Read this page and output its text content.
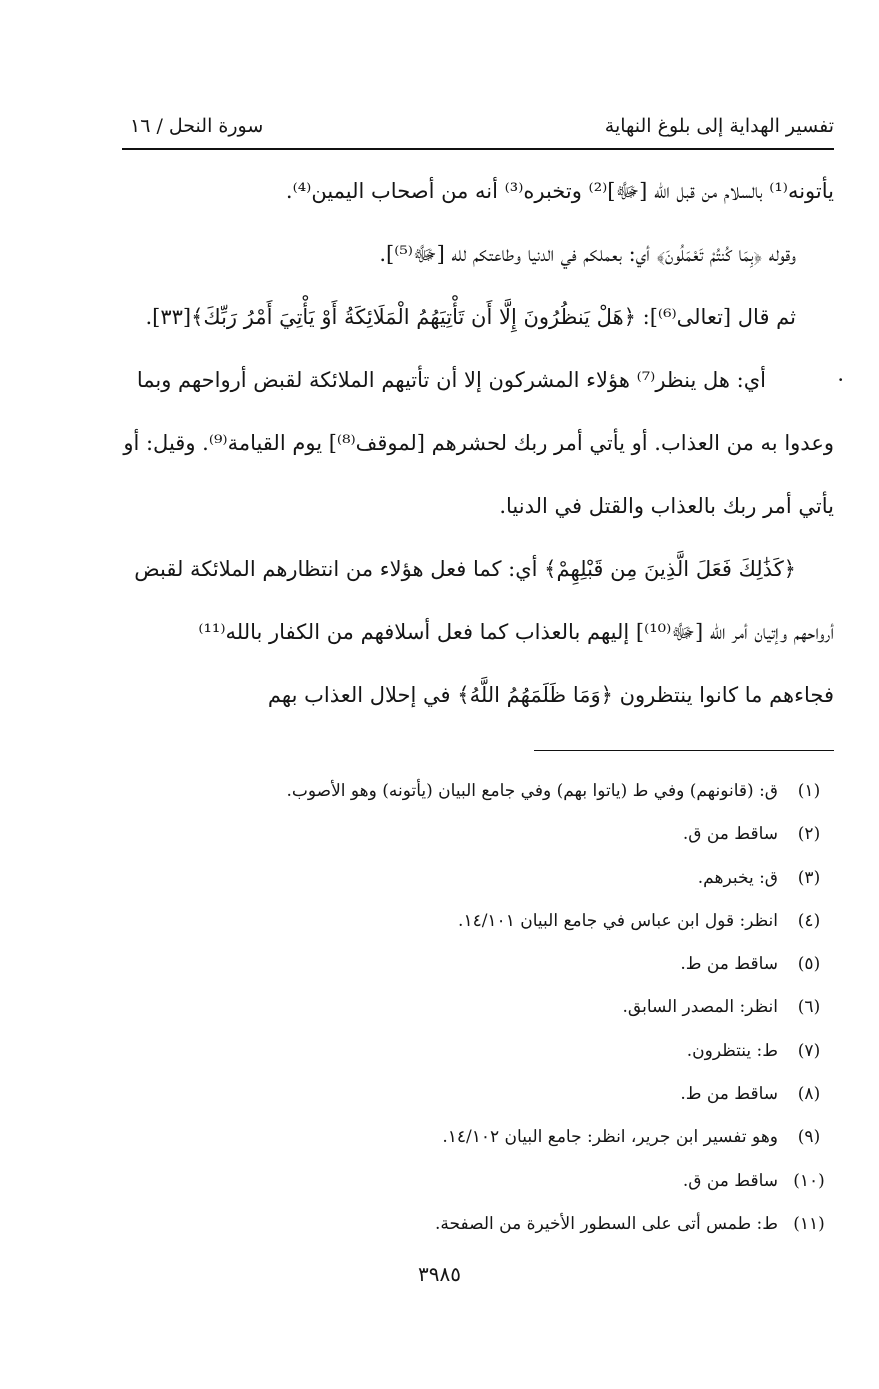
تفسير الهداية إلى بلوغ النهاية
سورة النحل / ١٦
يأتونه⁽¹⁾ بالسلام من قبل الله [ﷻ]⁽²⁾ وتخبره⁽³⁾ أنه من أصحاب اليمين⁽⁴⁾.
وقوله ﴿بِمَا كُنتُمْ تَعْمَلُونَ﴾ أي: بعملكم في الدنيا وطاعتكم لله [ﷻ⁽⁵⁾].
ثم قال [تعالى⁽⁶⁾]: ﴿هَلْ يَنظُرُونَ إِلَّا أَن تَأْتِيَهُمُ الْمَلَائِكَةُ أَوْ يَأْتِيَ أَمْرُ رَبِّكَ﴾[٣٣].
·
أي: هل ينظر⁽⁷⁾ هؤلاء المشركون إلا أن تأتيهم الملائكة لقبض أرواحهم وبما
وعدوا به من العذاب. أو يأتي أمر ربك لحشرهم [لموقف⁽⁸⁾] يوم القيامة⁽⁹⁾. وقيل: أو
يأتي أمر ربك بالعذاب والقتل في الدنيا.
﴿كَذَٰلِكَ فَعَلَ الَّذِينَ مِن قَبْلِهِمْ﴾ أي: كما فعل هؤلاء من انتظارهم الملائكة لقبض
أرواحهم وإتيان أمر الله [ﷻ⁽¹⁰⁾] إليهم بالعذاب كما فعل أسلافهم من الكفار بالله⁽¹¹⁾
فجاءهم ما كانوا ينتظرون ﴿وَمَا ظَلَمَهُمُ اللَّهُ﴾ في إحلال العذاب بهم
(١)
ق: (قانونهم) وفي ط (ياتوا بهم) وفي جامع البيان (يأتونه) وهو الأصوب.
(٢)
ساقط من ق.
(٣)
ق: يخبرهم.
(٤)
انظر: قول ابن عباس في جامع البيان ١٤/١٠١.
(٥)
ساقط من ط.
(٦)
انظر: المصدر السابق.
(٧)
ط: ينتظرون.
(٨)
ساقط من ط.
(٩)
وهو تفسير ابن جرير، انظر: جامع البيان ١٤/١٠٢.
(١٠)
ساقط من ق.
(١١)
ط: طمس أتى على السطور الأخيرة من الصفحة.
٣٩٨٥
